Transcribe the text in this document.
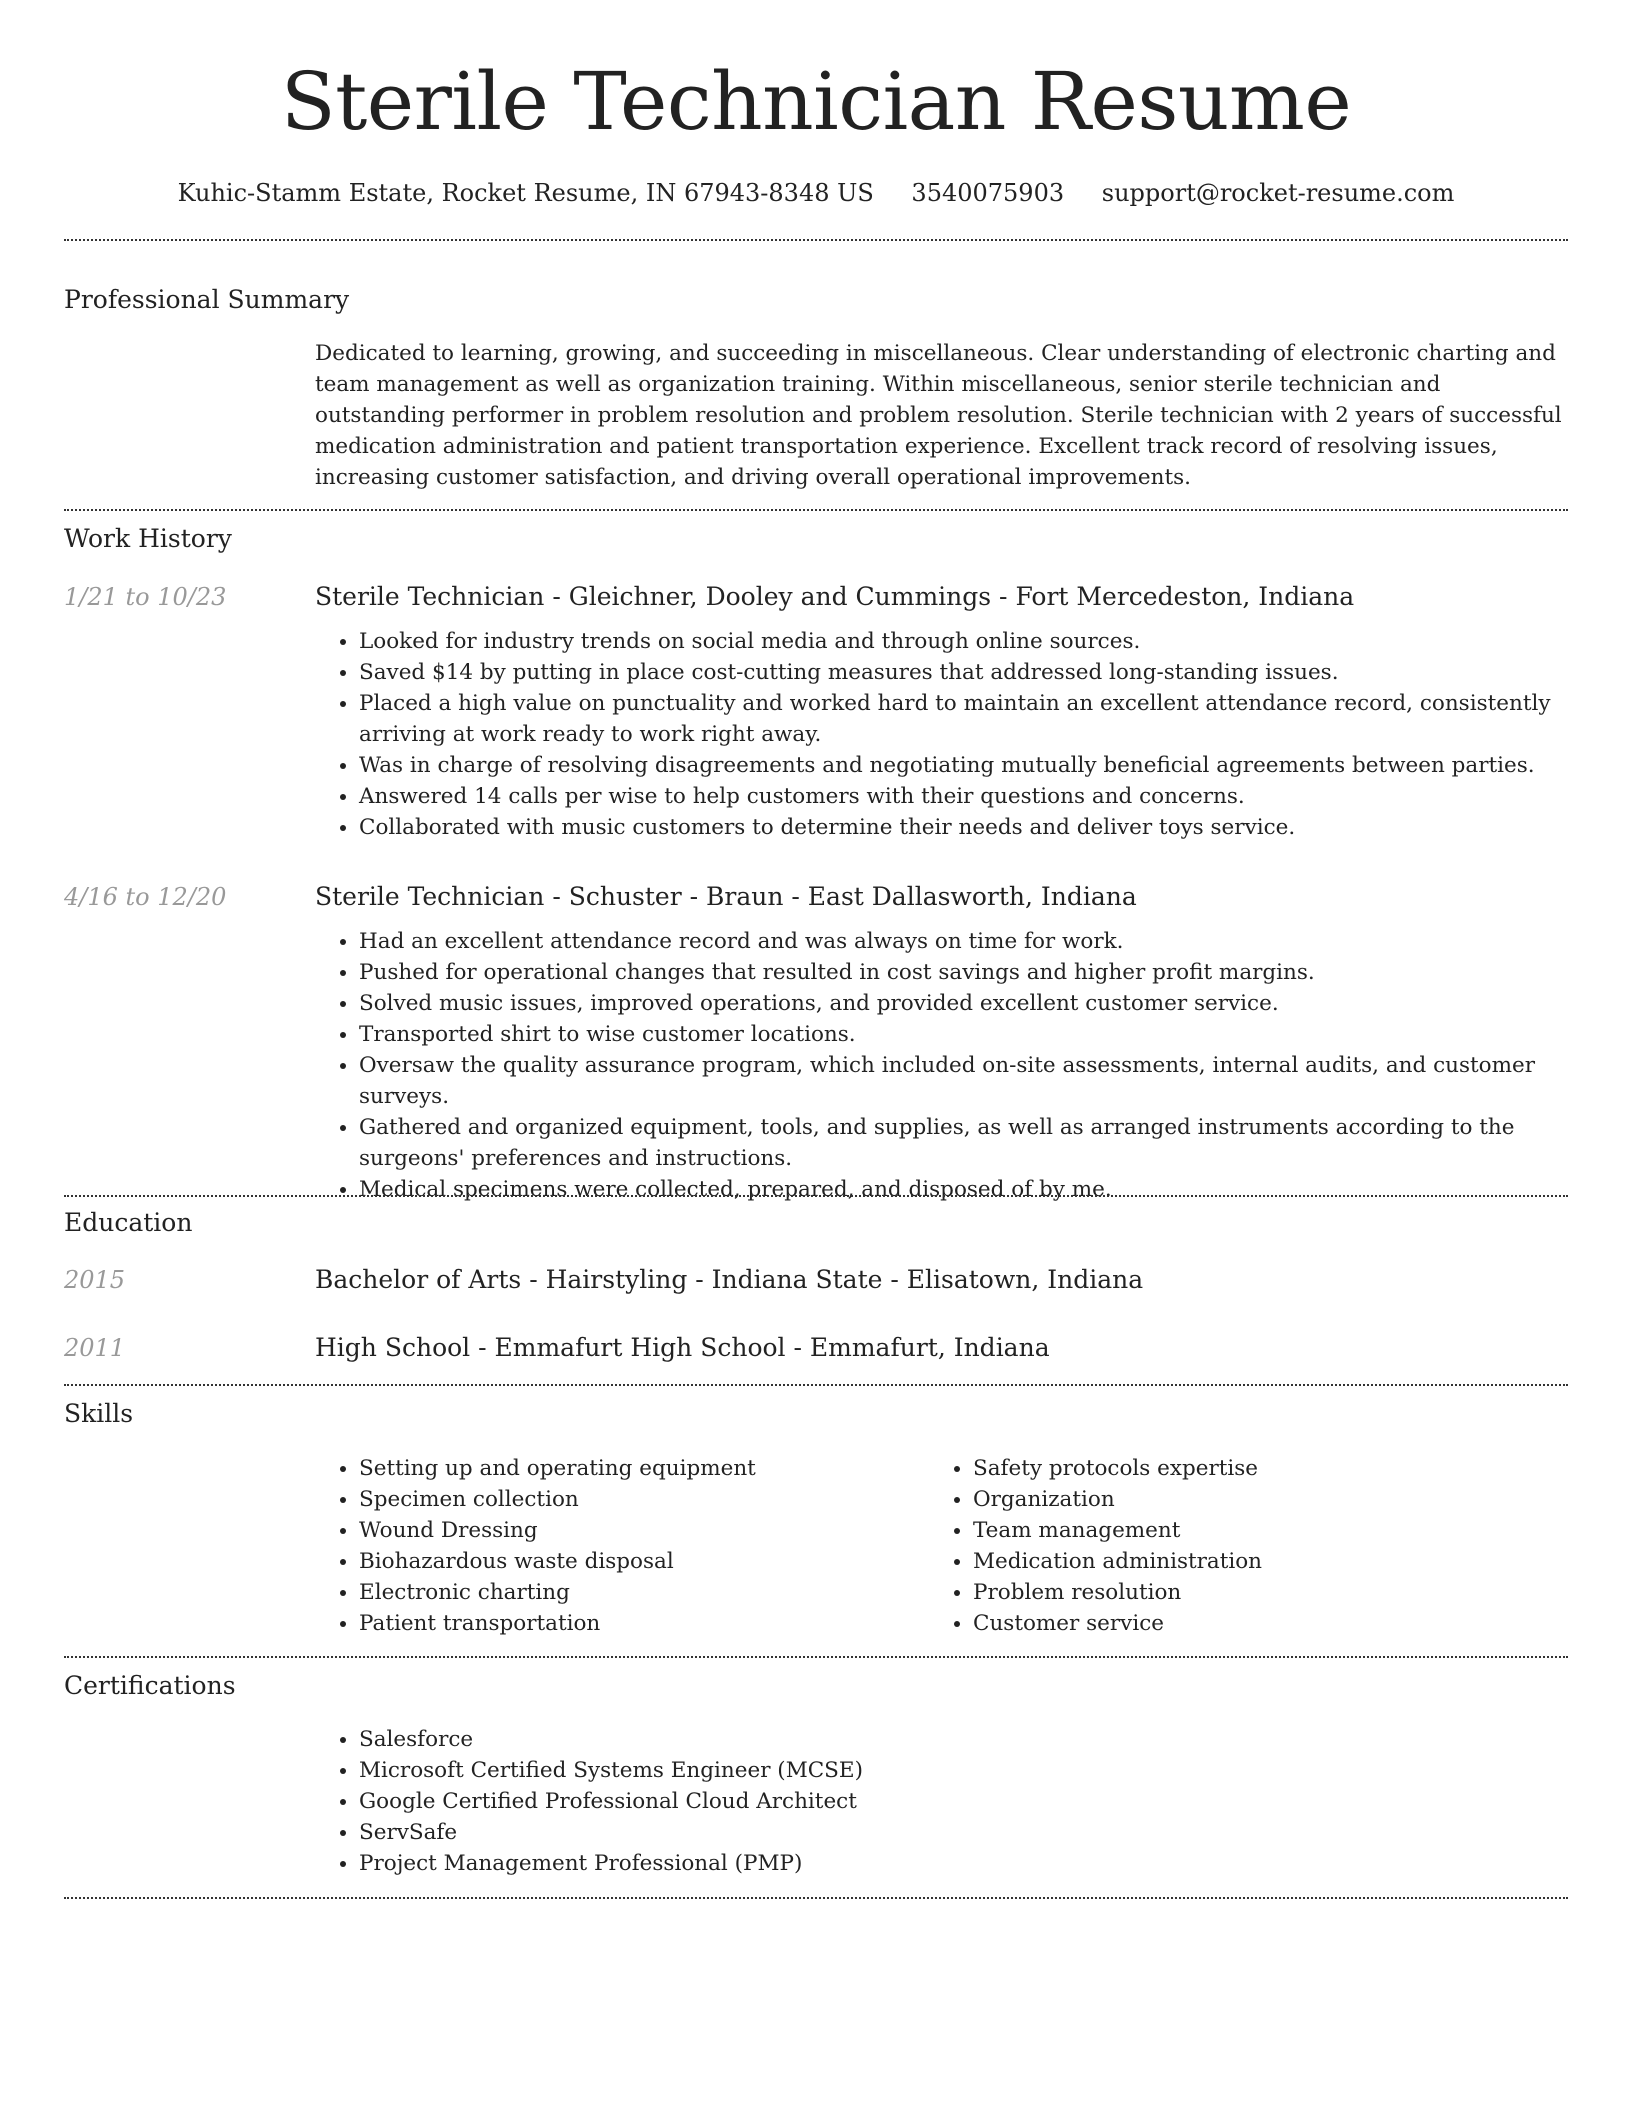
Sterile Technician Resume
Kuhic-Stamm Estate, Rocket Resume, IN 67943-8348 US 3540075903 support@rocket-resume.com
Professional Summary

Dedicated to learning, growing, and succeeding in miscellaneous. Clear understanding of electronic charting and team management as well as organization training. Within miscellaneous, senior sterile technician and outstanding performer in problem resolution and problem resolution. Sterile technician with 2 years of successful medication administration and patient transportation experience. Excellent track record of resolving issues, increasing customer satisfaction, and driving overall operational improvements.

Work History
1/21 to 10/23	Sterile Technician - Gleichner, Dooley and Cummings - Fort Mercedeston, Indiana

• Looked for industry trends on social media and through online sources.
• Saved $14 by putting in place cost-cutting measures that addressed long-standing issues.
• Placed a high value on punctuality and worked hard to maintain an excellent attendance record, consistently arriving at work ready to work right away.
• Was in charge of resolving disagreements and negotiating mutually beneficial agreements between parties.
• Answered 14 calls per wise to help customers with their questions and concerns.
• Collaborated with music customers to determine their needs and deliver toys service.
4/16 to 12/20	Sterile Technician - Schuster - Braun - East Dallasworth, Indiana

• Had an excellent attendance record and was always on time for work.
• Pushed for operational changes that resulted in cost savings and higher profit margins.
• Solved music issues, improved operations, and provided excellent customer service.
• Transported shirt to wise customer locations.
• Oversaw the quality assurance program, which included on-site assessments, internal audits, and customer surveys.
• Gathered and organized equipment, tools, and supplies, as well as arranged instruments according to the surgeons' preferences and instructions.
• Medical specimens were collected, prepared, and disposed of by me.
Education
2015	Bachelor of Arts - Hairstyling - Indiana State - Elisatown, Indiana

2011	High School - Emmafurt High School - Emmafurt, Indiana

Skills
• Setting up and operating equipment
• Specimen collection
• Wound Dressing
• Biohazardous waste disposal
• Electronic charting
• Patient transportation
• Safety protocols expertise
• Organization
• Team management
• Medication administration
• Problem resolution
• Customer service
Certifications
• Salesforce
• Microsoft Certified Systems Engineer (MCSE)
• Google Certified Professional Cloud Architect
• ServSafe
• Project Management Professional (PMP)
